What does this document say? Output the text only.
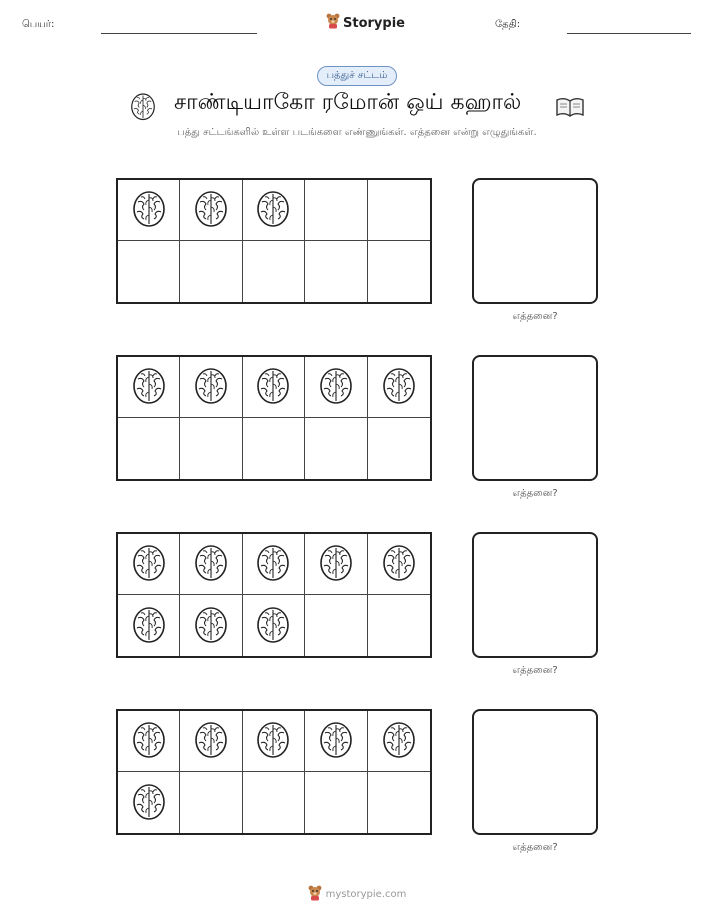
பெயர்:	Storypie	தேதி:
பத்துச் சட்டம்
சாண்டியாகோ ரமோன் ஒய் கஹால்
பத்து சட்டங்களில் உள்ள படங்களை எண்ணுங்கள். எத்தனை என்று எழுதுங்கள்.
எத்தனை?
எத்தனை?
எத்தனை?
எத்தனை?
mystorypie.com
